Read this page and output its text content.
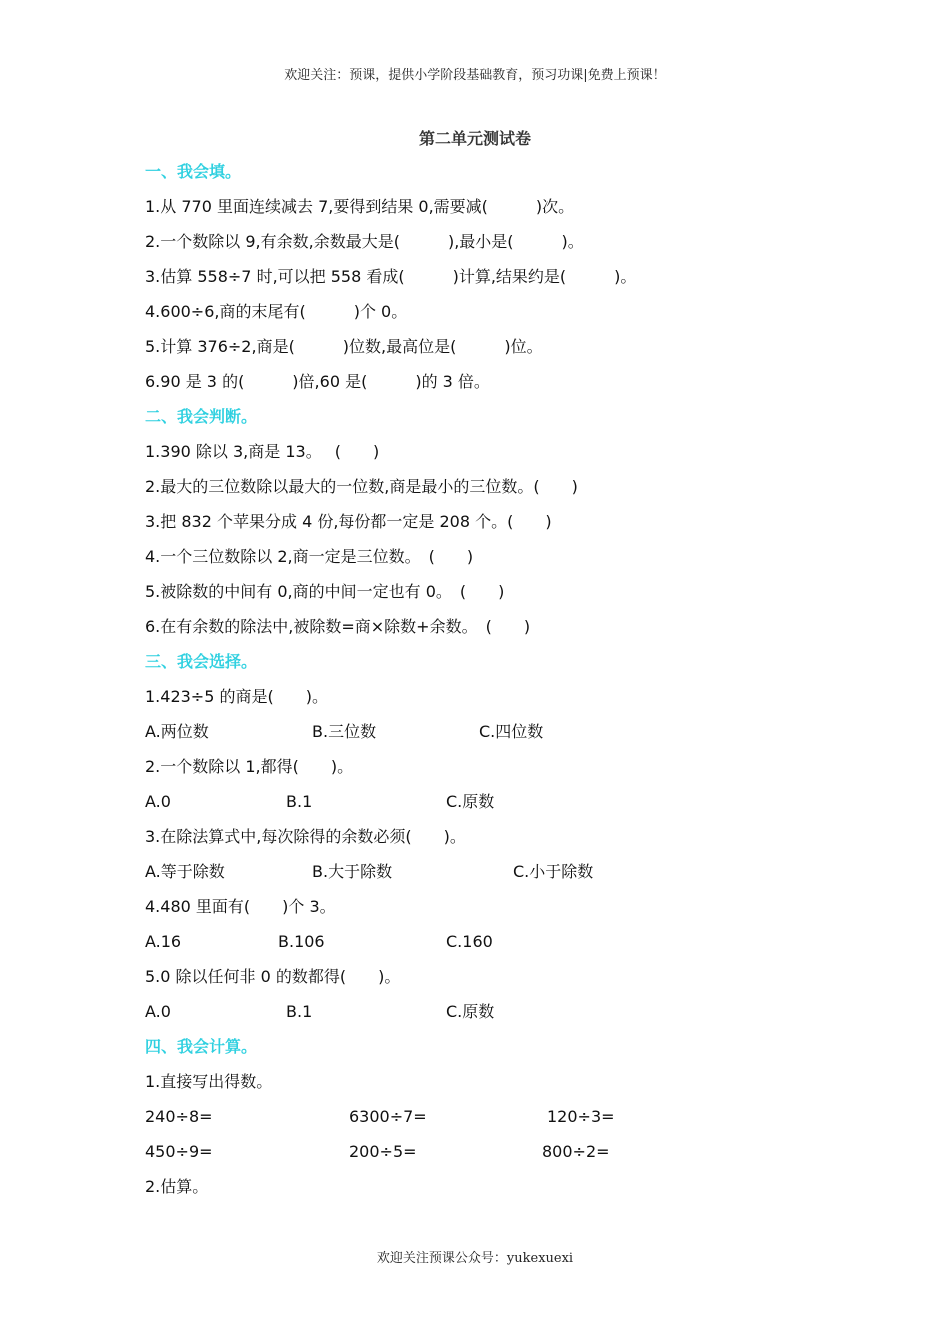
欢迎关注：预课，提供小学阶段基础教育，预习功课|免费上预课！
第二单元测试卷
一、我会填。
1.从 770 里面连续减去 7,要得到结果 0,需要减(　　　)次。
2.一个数除以 9,有余数,余数最大是(　　　),最小是(　　　)。
3.估算 558÷7 时,可以把 558 看成(　　　)计算,结果约是(　　　)。
4.600÷6,商的末尾有(　　　)个 0。
5.计算 376÷2,商是(　　　)位数,最高位是(　　　)位。
6.90 是 3 的(　　　)倍,60 是(　　　)的 3 倍。
二、我会判断。
1.390 除以 3,商是 13。　 (　　)
2.最大的三位数除以最大的一位数,商是最小的三位数。(　　)
3.把 832 个苹果分成 4 份,每份都一定是 208 个。(　　)
4.一个三位数除以 2,商一定是三位数。　(　　)
5.被除数的中间有 0,商的中间一定也有 0。　(　　)
6.在有余数的除法中,被除数=商×除数+余数。　(　　)
三、我会选择。
1.423÷5 的商是(　　)。

A.两位数

	B.三位数

	C.四位数

2.一个数除以 1,都得(　　)。

A.0

	B.1

	C.原数

3.在除法算式中,每次除得的余数必须(　　)。

A.等于除数

	B.大于除数

	C.小于除数

4.480 里面有(　　)个 3。

A.16

	B.106

	C.160

5.0 除以任何非 0 的数都得(　　)。

A.0

	B.1

	C.原数

四、我会计算。
1.直接写出得数。

240÷8=

	6300÷7=

	120÷3=

450÷9=

	200÷5=

	800÷2=

2.估算。
欢迎关注预课公众号：yukexuexi
